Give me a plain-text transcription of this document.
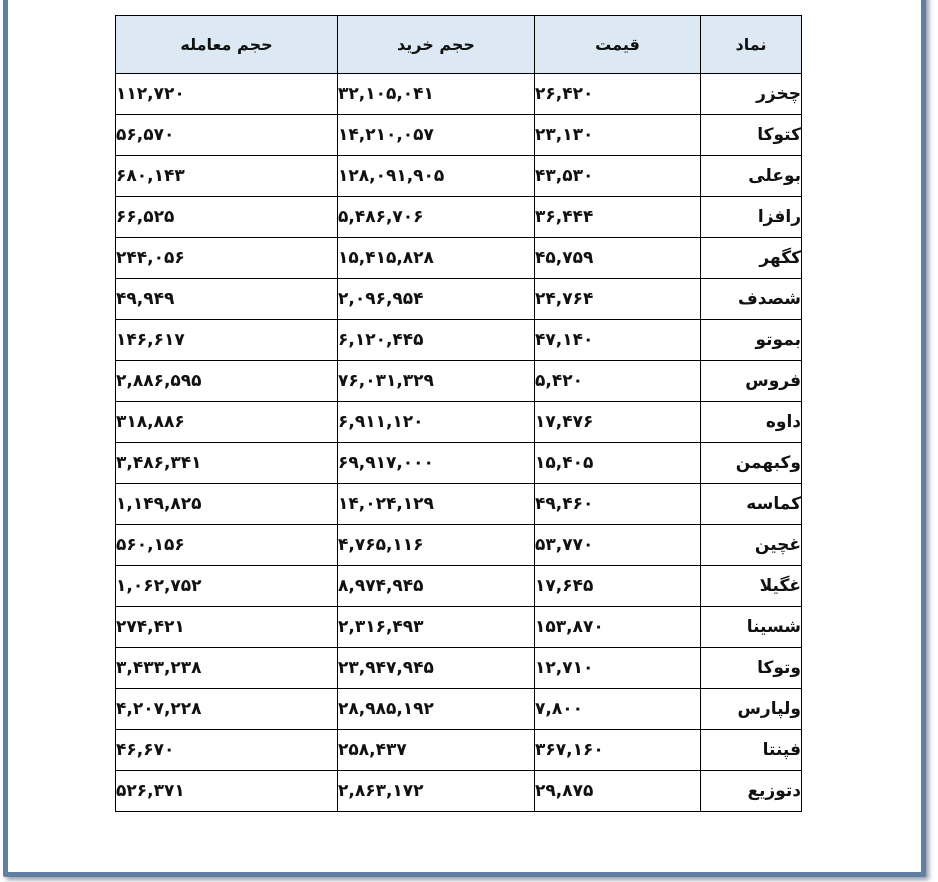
نماد	قیمت	حجم خرید	حجم معامله
چخزر	۲۶,۴۲۰	۳۲,۱۰۵,۰۴۱	۱۱۲,۷۲۰
کتوکا	۲۳,۱۳۰	۱۴,۲۱۰,۰۵۷	۵۶,۵۷۰
بوعلی	۴۳,۵۳۰	۱۲۸,۰۹۱,۹۰۵	۶۸۰,۱۴۳
رافزا	۳۶,۴۴۴	۵,۴۸۶,۷۰۶	۶۶,۵۲۵
کگهر	۴۵,۷۵۹	۱۵,۴۱۵,۸۲۸	۲۴۴,۰۵۶
شصدف	۲۴,۷۶۴	۲,۰۹۶,۹۵۴	۴۹,۹۴۹
بموتو	۴۷,۱۴۰	۶,۱۲۰,۴۴۵	۱۴۶,۶۱۷
فروس	۵,۴۲۰	۷۶,۰۳۱,۳۲۹	۲,۸۸۶,۵۹۵
داوه	۱۷,۴۷۶	۶,۹۱۱,۱۲۰	۳۱۸,۸۸۶
وکبهمن	۱۵,۴۰۵	۶۹,۹۱۷,۰۰۰	۳,۴۸۶,۳۴۱
کماسه	۴۹,۴۶۰	۱۴,۰۲۴,۱۲۹	۱,۱۴۹,۸۲۵
غچین	۵۳,۷۷۰	۴,۷۶۵,۱۱۶	۵۶۰,۱۵۶
غگیلا	۱۷,۶۴۵	۸,۹۷۴,۹۴۵	۱,۰۶۲,۷۵۲
شسینا	۱۵۳,۸۷۰	۲,۳۱۶,۴۹۳	۲۷۴,۴۲۱
وتوکا	۱۲,۷۱۰	۲۳,۹۴۷,۹۴۵	۳,۴۳۳,۲۳۸
ولپارس	۷,۸۰۰	۲۸,۹۸۵,۱۹۲	۴,۲۰۷,۲۲۸
فپنتا	۳۶۷,۱۶۰	۲۵۸,۴۳۷	۴۶,۶۷۰
دتوزیع	۲۹,۸۷۵	۲,۸۶۳,۱۷۲	۵۲۶,۳۷۱
